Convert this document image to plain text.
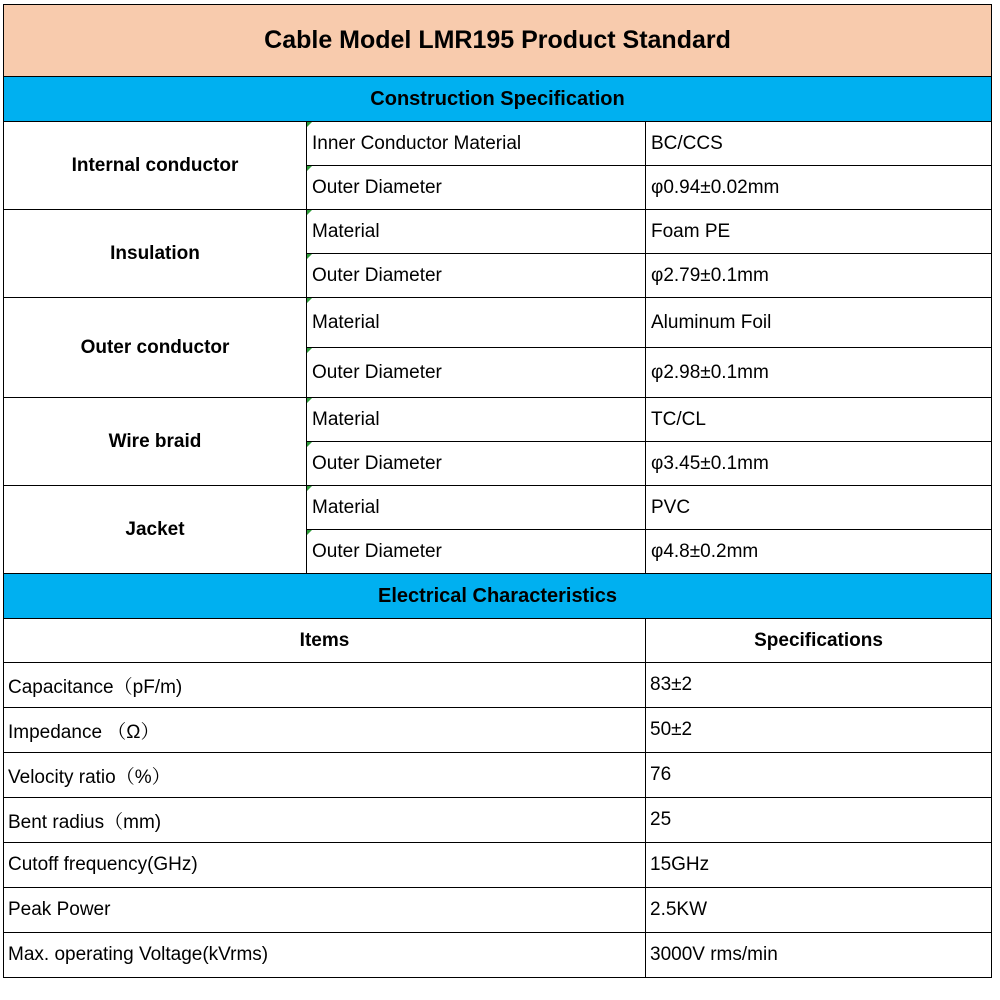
Cable Model LMR195 Product Standard		
Construction Specification		
Internal conductor	Inner Conductor Material	BC/CCS
	Outer Diameter	φ0.94±0.02mm
Insulation	Material	Foam PE
	Outer Diameter	φ2.79±0.1mm
Outer conductor	Material	Aluminum Foil
	Outer Diameter	φ2.98±0.1mm
Wire braid	Material	TC/CL
	Outer Diameter	φ3.45±0.1mm
Jacket	Material	PVC
	Outer Diameter	φ4.8±0.2mm
Electrical Characteristics		
Items		Specifications
Capacitance（pF/m)		83±2
Impedance （Ω）		50±2
Velocity ratio（%）		76
Bent radius（mm)		25
Cutoff frequency(GHz)		15GHz
Peak Power		2.5KW
Max. operating Voltage(kVrms)		3000V rms/min
